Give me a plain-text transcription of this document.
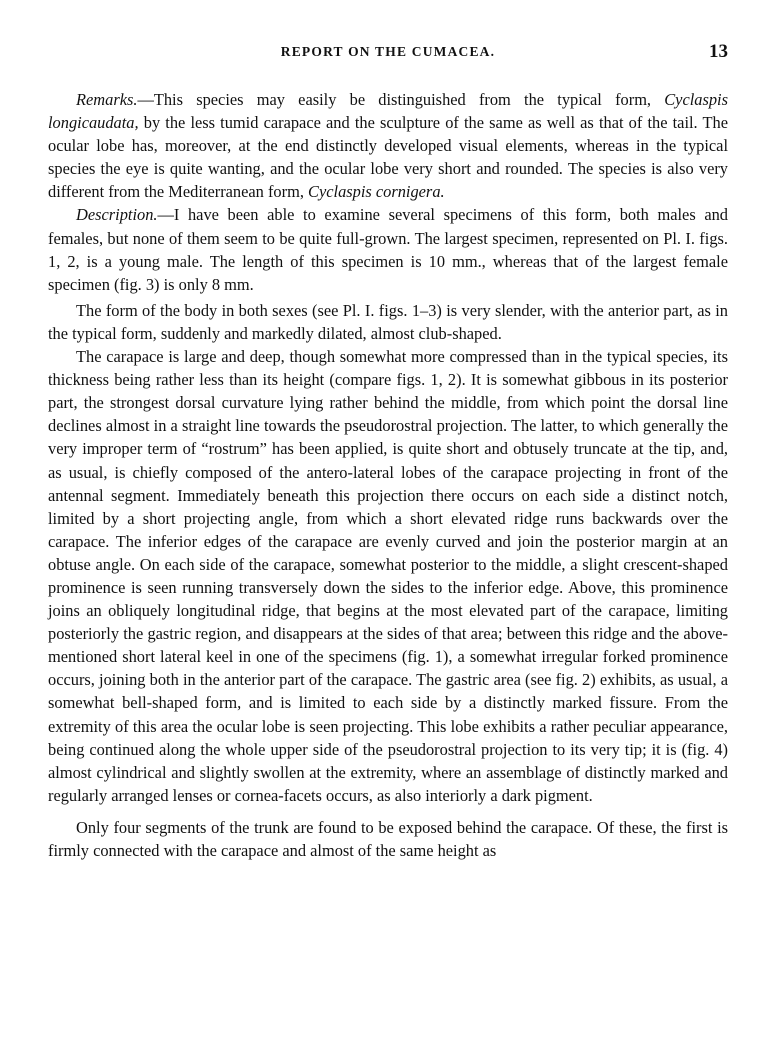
REPORT ON THE CUMACEA.	13

Remarks.—This species may easily be distinguished from the typical form, Cyclaspis longicaudata, by the less tumid carapace and the sculpture of the same as well as that of the tail. The ocular lobe has, moreover, at the end distinctly developed visual elements, whereas in the typical species the eye is quite wanting, and the ocular lobe very short and rounded. The species is also very different from the Mediterranean form, Cyclaspis cornigera.

Description.—I have been able to examine several specimens of this form, both males and females, but none of them seem to be quite full-grown. The largest specimen, represented on Pl. I. figs. 1, 2, is a young male. The length of this specimen is 10 mm., whereas that of the largest female specimen (fig. 3) is only 8 mm.

The form of the body in both sexes (see Pl. I. figs. 1–3) is very slender, with the anterior part, as in the typical form, suddenly and markedly dilated, almost club-shaped.

The carapace is large and deep, though somewhat more compressed than in the typical species, its thickness being rather less than its height (compare figs. 1, 2). It is somewhat gibbous in its posterior part, the strongest dorsal curvature lying rather behind the middle, from which point the dorsal line declines almost in a straight line towards the pseudorostral projection. The latter, to which generally the very improper term of “rostrum” has been applied, is quite short and obtusely truncate at the tip, and, as usual, is chiefly composed of the antero-lateral lobes of the carapace projecting in front of the antennal segment. Immediately beneath this projection there occurs on each side a distinct notch, limited by a short projecting angle, from which a short elevated ridge runs backwards over the carapace. The inferior edges of the carapace are evenly curved and join the posterior margin at an obtuse angle. On each side of the carapace, somewhat posterior to the middle, a slight crescent-shaped prominence is seen running transversely down the sides to the inferior edge. Above, this prominence joins an obliquely longitudinal ridge, that begins at the most elevated part of the carapace, limiting posteriorly the gastric region, and disappears at the sides of that area; between this ridge and the above-mentioned short lateral keel in one of the specimens (fig. 1), a somewhat irregular forked prominence occurs, joining both in the anterior part of the carapace. The gastric area (see fig. 2) exhibits, as usual, a somewhat bell-shaped form, and is limited to each side by a distinctly marked fissure. From the extremity of this area the ocular lobe is seen projecting. This lobe exhibits a rather peculiar appearance, being continued along the whole upper side of the pseudorostral projection to its very tip; it is (fig. 4) almost cylindrical and slightly swollen at the extremity, where an assemblage of distinctly marked and regularly arranged lenses or cornea-facets occurs, as also interiorly a dark pigment.

Only four segments of the trunk are found to be exposed behind the carapace. Of these, the first is firmly connected with the carapace and almost of the same height as
